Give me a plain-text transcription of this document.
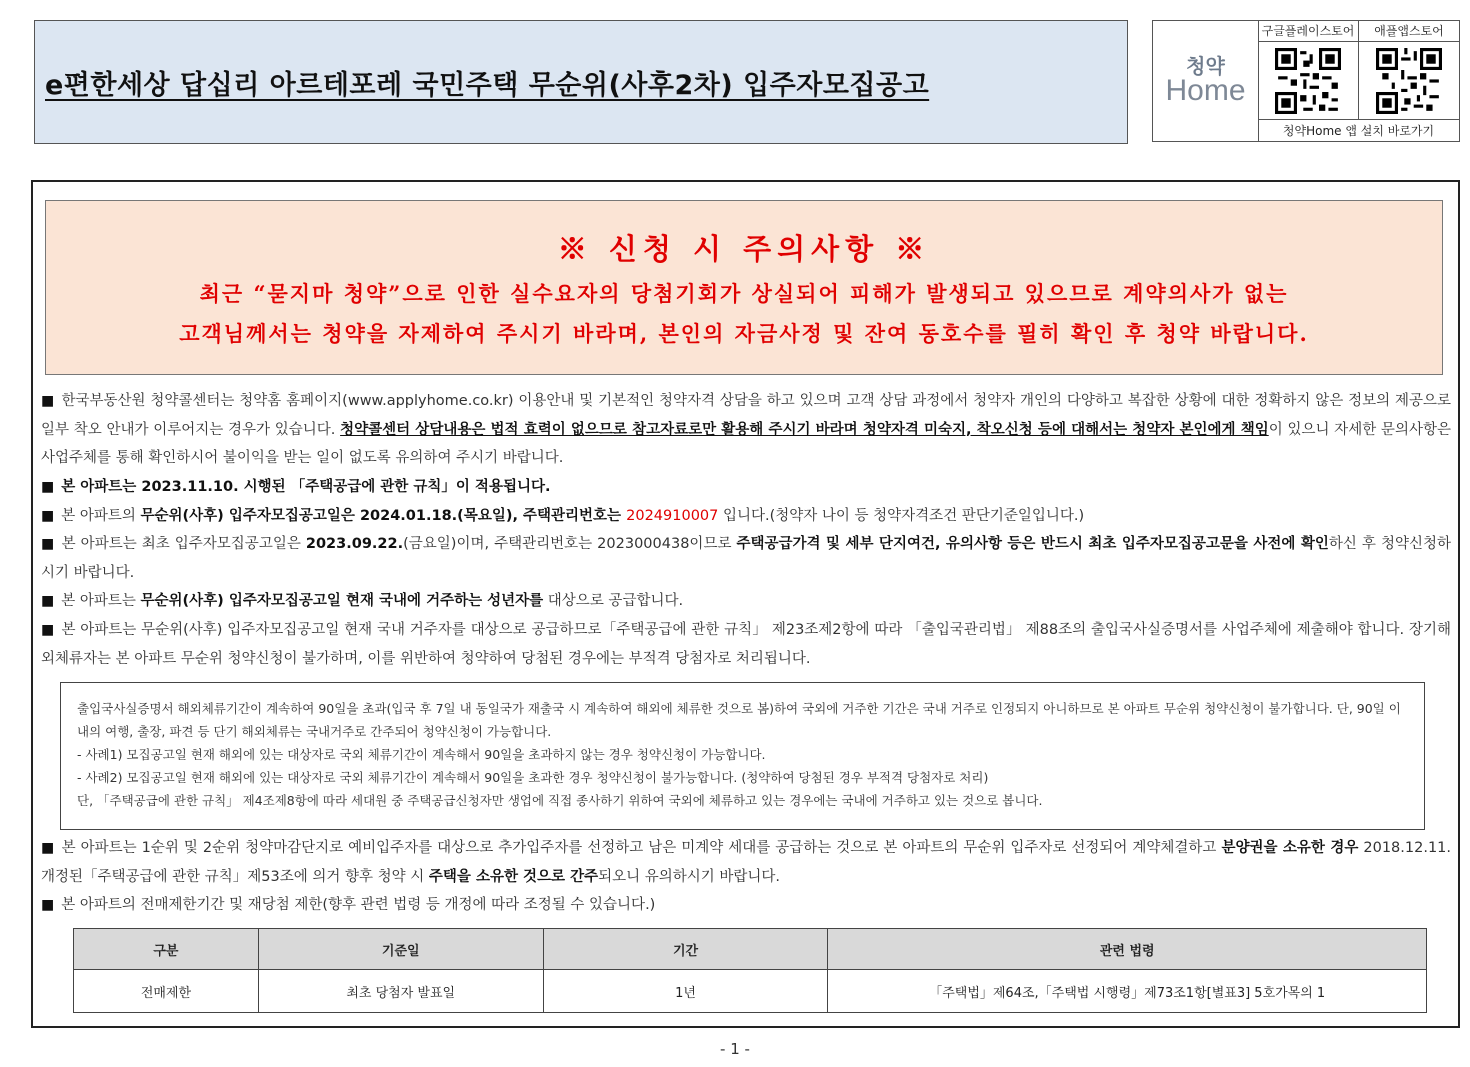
e편한세상 답십리 아르테포레 국민주택 무순위(사후2차) 입주자모집공고
청약
Home
구글플레이스토어	애플앱스토어
청약Home 앱 설치 바로가기
※ 신청 시 주의사항 ※
최근 “묻지마 청약”으로 인한 실수요자의 당첨기회가 상실되어 피해가 발생되고 있으므로 계약의사가 없는
고객님께서는 청약을 자제하여 주시기 바라며, 본인의 자금사정 및 잔여 동호수를 필히 확인 후 청약 바랍니다.
■ 한국부동산원 청약콜센터는 청약홈 홈페이지(www.applyhome.co.kr) 이용안내 및 기본적인 청약자격 상담을 하고 있으며 고객 상담 과정에서 청약자 개인의 다양하고 복잡한 상황에 대한 정확하지 않은 정보의 제공으로 일부 착오 안내가 이루어지는 경우가 있습니다. 청약콜센터 상담내용은 법적 효력이 없으므로 참고자료로만 활용해 주시기 바라며 청약자격 미숙지, 착오신청 등에 대해서는 청약자 본인에게 책임이 있으니 자세한 문의사항은 사업주체를 통해 확인하시어 불이익을 받는 일이 없도록 유의하여 주시기 바랍니다.
■ 본 아파트는 2023.11.10. 시행된 「주택공급에 관한 규칙」이 적용됩니다.
■ 본 아파트의 무순위(사후) 입주자모집공고일은 2024.01.18.(목요일), 주택관리번호는 2024910007 입니다.(청약자 나이 등 청약자격조건 판단기준일입니다.)
■ 본 아파트는 최초 입주자모집공고일은 2023.09.22.(금요일)이며, 주택관리번호는 2023000438이므로 주택공급가격 및 세부 단지여건, 유의사항 등은 반드시 최초 입주자모집공고문을 사전에 확인하신 후 청약신청하시기 바랍니다.
■ 본 아파트는 무순위(사후) 입주자모집공고일 현재 국내에 거주하는 성년자를 대상으로 공급합니다.
■ 본 아파트는 무순위(사후) 입주자모집공고일 현재 국내 거주자를 대상으로 공급하므로「주택공급에 관한 규칙」 제23조제2항에 따라 「출입국관리법」 제88조의 출입국사실증명서를 사업주체에 제출해야 합니다. 장기해외체류자는 본 아파트 무순위 청약신청이 불가하며, 이를 위반하여 청약하여 당첨된 경우에는 부적격 당첨자로 처리됩니다.

출입국사실증명서 해외체류기간이 계속하여 90일을 초과(입국 후 7일 내 동일국가 재출국 시 계속하여 해외에 체류한 것으로 봄)하여 국외에 거주한 기간은 국내 거주로 인정되지 아니하므로 본 아파트 무순위 청약신청이 불가합니다. 단, 90일 이내의 여행, 출장, 파견 등 단기 해외체류는 국내거주로 간주되어 청약신청이 가능합니다.

- 사례1) 모집공고일 현재 해외에 있는 대상자로 국외 체류기간이 계속해서 90일을 초과하지 않는 경우 청약신청이 가능합니다.

- 사례2) 모집공고일 현재 해외에 있는 대상자로 국외 체류기간이 계속해서 90일을 초과한 경우 청약신청이 불가능합니다. (청약하여 당첨된 경우 부적격 당첨자로 처리)

단, 「주택공급에 관한 규칙」 제4조제8항에 따라 세대원 중 주택공급신청자만 생업에 직접 종사하기 위하여 국외에 체류하고 있는 경우에는 국내에 거주하고 있는 것으로 봅니다.

■ 본 아파트는 1순위 및 2순위 청약마감단지로 예비입주자를 대상으로 추가입주자를 선정하고 남은 미계약 세대를 공급하는 것으로 본 아파트의 무순위 입주자로 선정되어 계약체결하고 분양권을 소유한 경우 2018.12.11. 개정된「주택공급에 관한 규칙」제53조에 의거 향후 청약 시 주택을 소유한 것으로 간주되오니 유의하시기 바랍니다.
■ 본 아파트의 전매제한기간 및 재당첨 제한(향후 관련 법령 등 개정에 따라 조정될 수 있습니다.)
구분	기준일	기간	관련 법령
전매제한	최초 당첨자 발표일	1년	「주택법」제64조,「주택법 시행령」제73조1항[별표3] 5호가목의 1
- 1 -
